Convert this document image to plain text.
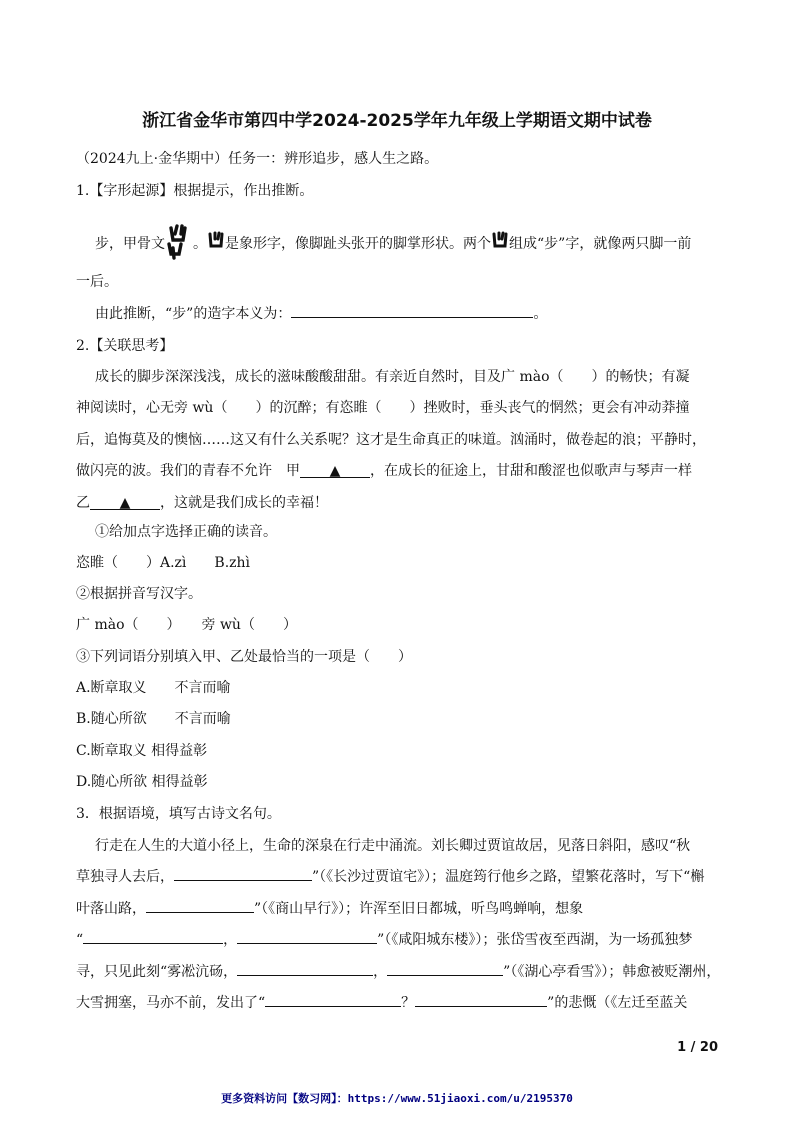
浙江省金华市第四中学2024-2025学年九年级上学期语文期中试卷
（2024九上·金华期中）任务一：辨形追步，感人生之路。
1.【字形起源】根据提示，作出推断。
步，甲骨文 。 是象形字，像脚趾头张开的脚掌形状。两个 组成“步”字，就像两只脚一前
一后。
由此推断，“步”的造字本义为：	。
2.【关联思考】
成长的脚步深深浅浅，成长的滋味酸酸甜甜。有亲近自然时，目及广 mào（　　）的畅快；有凝
神阅读时，心无旁 wù（　　）的沉醉；有恣睢（　　）挫败时，垂头丧气的惘然；更会有冲动莽撞
后，追悔莫及的懊恼……这又有什么关系呢？这才是生命真正的味道。汹涌时，做卷起的浪；平静时，
做闪亮的波。我们的青春不允许　甲 ▲ ，在成长的征途上，甘甜和酸涩也似歌声与琴声一样
乙 ▲ ，这就是我们成长的幸福！
①给加点字选择正确的读音。
恣睢（　　）A.zì　　B.zhì
②根据拼音写汉字。
广 mào（　　）　　旁 wù（　　）
③下列词语分别填入甲、乙处最恰当的一项是（　　）
A.断章取义　　不言而喻
B.随心所欲　　不言而喻
C.断章取义 相得益彰
D.随心所欲 相得益彰
3．根据语境，填写古诗文名句。
行走在人生的大道小径上，生命的深泉在行走中涌流。刘长卿过贾谊故居，见落日斜阳，感叹“秋
草独寻人去后，	”（《长沙过贾谊宅》）；温庭筠行他乡之路，望繁花落时，写下“槲
叶落山路，	”（《商山早行》）；许浑至旧日都城，听鸟鸣蝉响，想象
“	，	”（《咸阳城东楼》）；张岱雪夜至西湖，为一场孤独梦
寻，只见此刻“雾凇沆砀，	，	”（《湖心亭看雪》）；韩愈被贬潮州，
大雪拥塞，马亦不前，发出了“	？	”的悲慨（《左迁至蓝关
1 / 20
更多资料访问【数习网】：https://www.51jiaoxi.com/u/2195370
